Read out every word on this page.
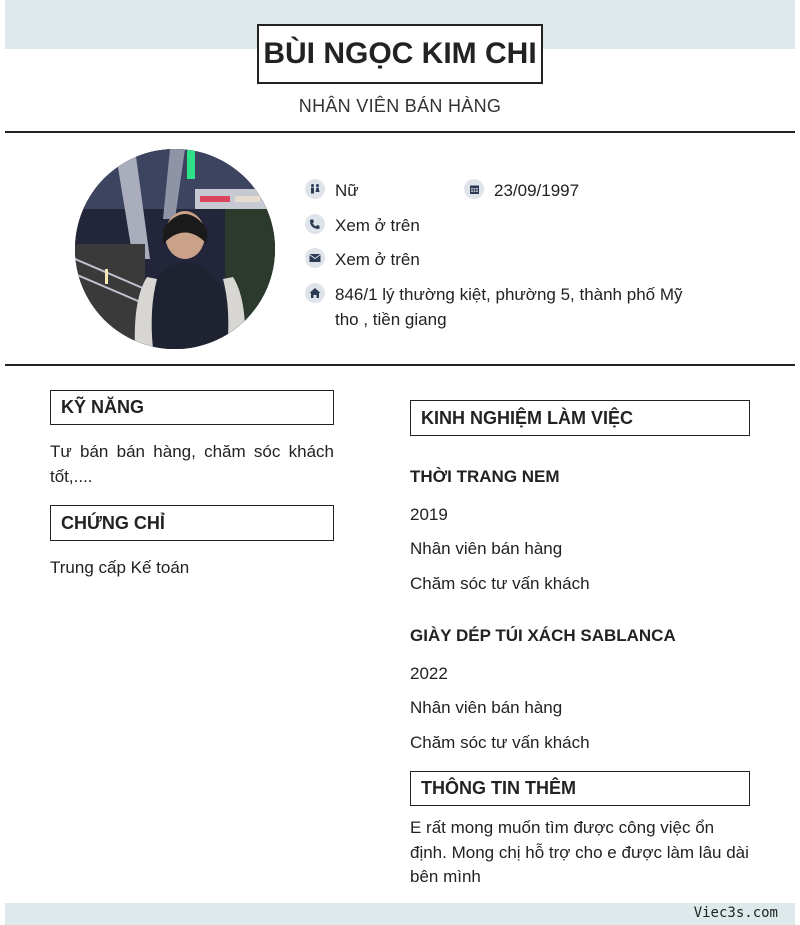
BÙI NGỌC KIM CHI
NHÂN VIÊN BÁN HÀNG
Nữ	23/09/1997
Xem ở trên
Xem ở trên
846/1 lý thường kiệt, phường 5, thành phố Mỹ tho , tiền giang
KỸ NĂNG
Tư bán bán hàng, chăm sóc khách tốt,....
CHỨNG CHỈ
Trung cấp Kế toán
KINH NGHIỆM LÀM VIỆC
THỜI TRANG NEM
2019
Nhân viên bán hàng
Chăm sóc tư vấn khách
GIÀY DÉP TÚI XÁCH SABLANCA
2022
Nhân viên bán hàng
Chăm sóc tư vấn khách
THÔNG TIN THÊM
E rất mong muốn tìm được công việc ổn định. Mong chị hỗ trợ cho e được làm lâu dài bên mình
Viec3s.com
